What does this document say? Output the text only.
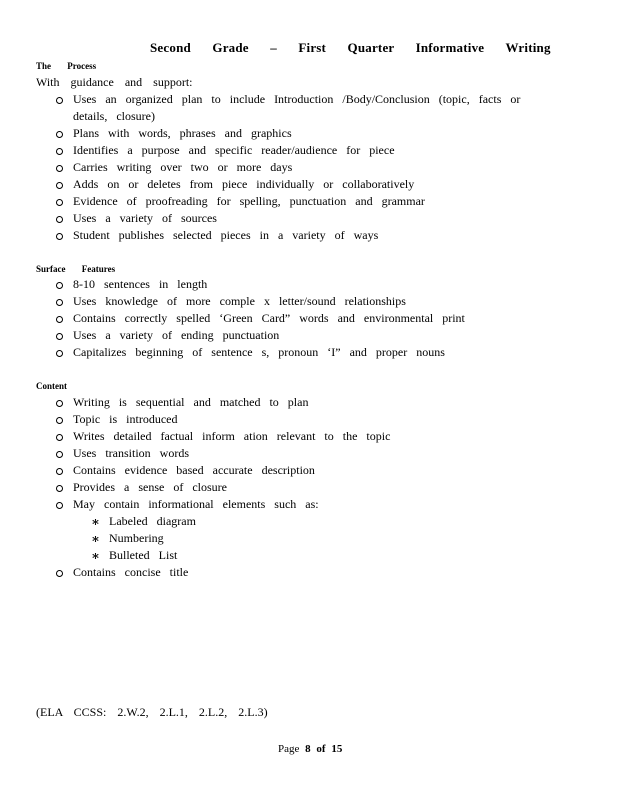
Second Grade – First Quarter Informative Writing
The Process
With guidance and support:
Uses an organized plan to include Introduction /Body/Conclusion (topic, facts or details, closure)
Plans with words, phrases and graphics
Identifies a purpose and specific reader/audience for piece
Carries writing over two or more days
Adds on or deletes from piece individually or collaboratively
Evidence of proofreading for spelling, punctuation and grammar
Uses a variety of sources
Student publishes selected pieces in a variety of ways
Surface Features
8-10 sentences in length
Uses knowledge of more comple x letter/sound relationships
Contains correctly spelled ‘Green Card” words and environmental print
Uses a variety of ending punctuation
Capitalizes beginning of sentence s, pronoun ‘I” and proper nouns
Content
Writing is sequential and matched to plan
Topic is introduced
Writes detailed factual inform ation relevant to the topic
Uses transition words
Contains evidence based accurate description
Provides a sense of closure
May contain informational elements such as:
∗ Labeled diagram
∗ Numbering
∗ Bulleted List
Contains concise title
(ELA CCSS: 2.W.2, 2.L.1, 2.L.2, 2.L.3)
Page 8 of 15
